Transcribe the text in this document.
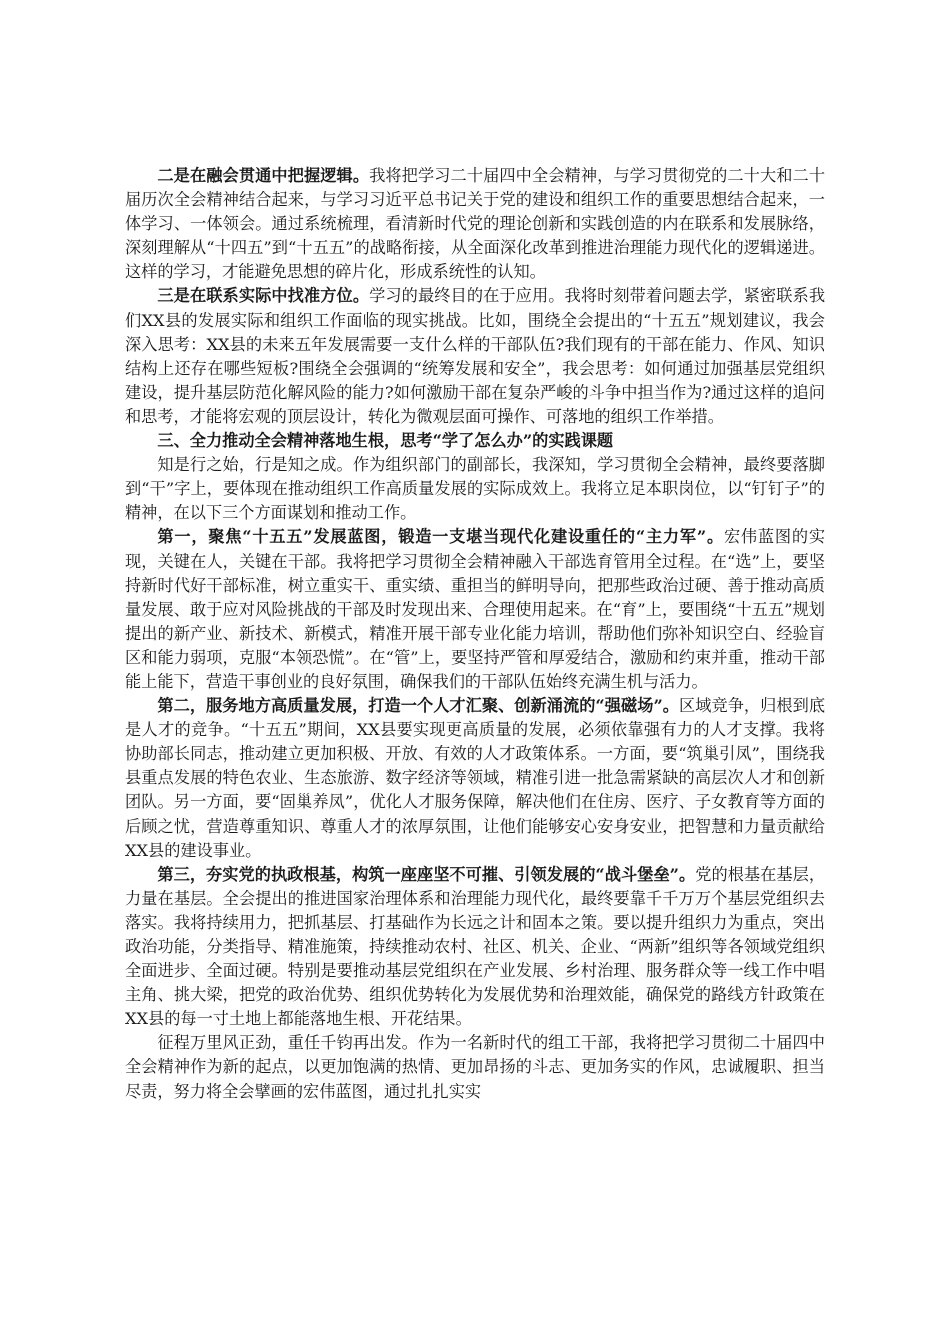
二是在融会贯通中把握逻辑。我将把学习二十届四中全会精神，与学习贯彻党的二十大和二十届历次全会精神结合起来，与学习习近平总书记关于党的建设和组织工作的重要思想结合起来，一体学习、一体领会。通过系统梳理，看清新时代党的理论创新和实践创造的内在联系和发展脉络，深刻理解从“十四五”到“十五五”的战略衔接，从全面深化改革到推进治理能力现代化的逻辑递进。这样的学习，才能避免思想的碎片化，形成系统性的认知。

三是在联系实际中找准方位。学习的最终目的在于应用。我将时刻带着问题去学，紧密联系我们XX县的发展实际和组织工作面临的现实挑战。比如，围绕全会提出的“十五五”规划建议，我会深入思考：XX县的未来五年发展需要一支什么样的干部队伍?我们现有的干部在能力、作风、知识结构上还存在哪些短板?围绕全会强调的“统筹发展和安全”，我会思考：如何通过加强基层党组织建设，提升基层防范化解风险的能力?如何激励干部在复杂严峻的斗争中担当作为?通过这样的追问和思考，才能将宏观的顶层设计，转化为微观层面可操作、可落地的组织工作举措。

三、全力推动全会精神落地生根，思考“学了怎么办”的实践课题

知是行之始，行是知之成。作为组织部门的副部长，我深知，学习贯彻全会精神，最终要落脚到“干”字上，要体现在推动组织工作高质量发展的实际成效上。我将立足本职岗位，以“钉钉子”的精神，在以下三个方面谋划和推动工作。

第一，聚焦“十五五”发展蓝图，锻造一支堪当现代化建设重任的“主力军”。宏伟蓝图的实现，关键在人，关键在干部。我将把学习贯彻全会精神融入干部选育管用全过程。在“选”上，要坚持新时代好干部标准，树立重实干、重实绩、重担当的鲜明导向，把那些政治过硬、善于推动高质量发展、敢于应对风险挑战的干部及时发现出来、合理使用起来。在“育”上，要围绕“十五五”规划提出的新产业、新技术、新模式，精准开展干部专业化能力培训，帮助他们弥补知识空白、经验盲区和能力弱项，克服“本领恐慌”。在“管”上，要坚持严管和厚爱结合，激励和约束并重，推动干部能上能下，营造干事创业的良好氛围，确保我们的干部队伍始终充满生机与活力。

第二，服务地方高质量发展，打造一个人才汇聚、创新涌流的“强磁场”。区域竞争，归根到底是人才的竞争。“十五五”期间，XX县要实现更高质量的发展，必须依靠强有力的人才支撑。我将协助部长同志，推动建立更加积极、开放、有效的人才政策体系。一方面，要“筑巢引凤”，围绕我县重点发展的特色农业、生态旅游、数字经济等领域，精准引进一批急需紧缺的高层次人才和创新团队。另一方面，要“固巢养凤”，优化人才服务保障，解决他们在住房、医疗、子女教育等方面的后顾之忧，营造尊重知识、尊重人才的浓厚氛围，让他们能够安心安身安业，把智慧和力量贡献给XX县的建设事业。

第三，夯实党的执政根基，构筑一座座坚不可摧、引领发展的“战斗堡垒”。党的根基在基层，力量在基层。全会提出的推进国家治理体系和治理能力现代化，最终要靠千千万万个基层党组织去落实。我将持续用力，把抓基层、打基础作为长远之计和固本之策。要以提升组织力为重点，突出政治功能，分类指导、精准施策，持续推动农村、社区、机关、企业、“两新”组织等各领域党组织全面进步、全面过硬。特别是要推动基层党组织在产业发展、乡村治理、服务群众等一线工作中唱主角、挑大梁，把党的政治优势、组织优势转化为发展优势和治理效能，确保党的路线方针政策在XX县的每一寸土地上都能落地生根、开花结果。

征程万里风正劲，重任千钧再出发。作为一名新时代的组工干部，我将把学习贯彻二十届四中全会精神作为新的起点，以更加饱满的热情、更加昂扬的斗志、更加务实的作风，忠诚履职、担当尽责，努力将全会擘画的宏伟蓝图，通过扎扎实实
